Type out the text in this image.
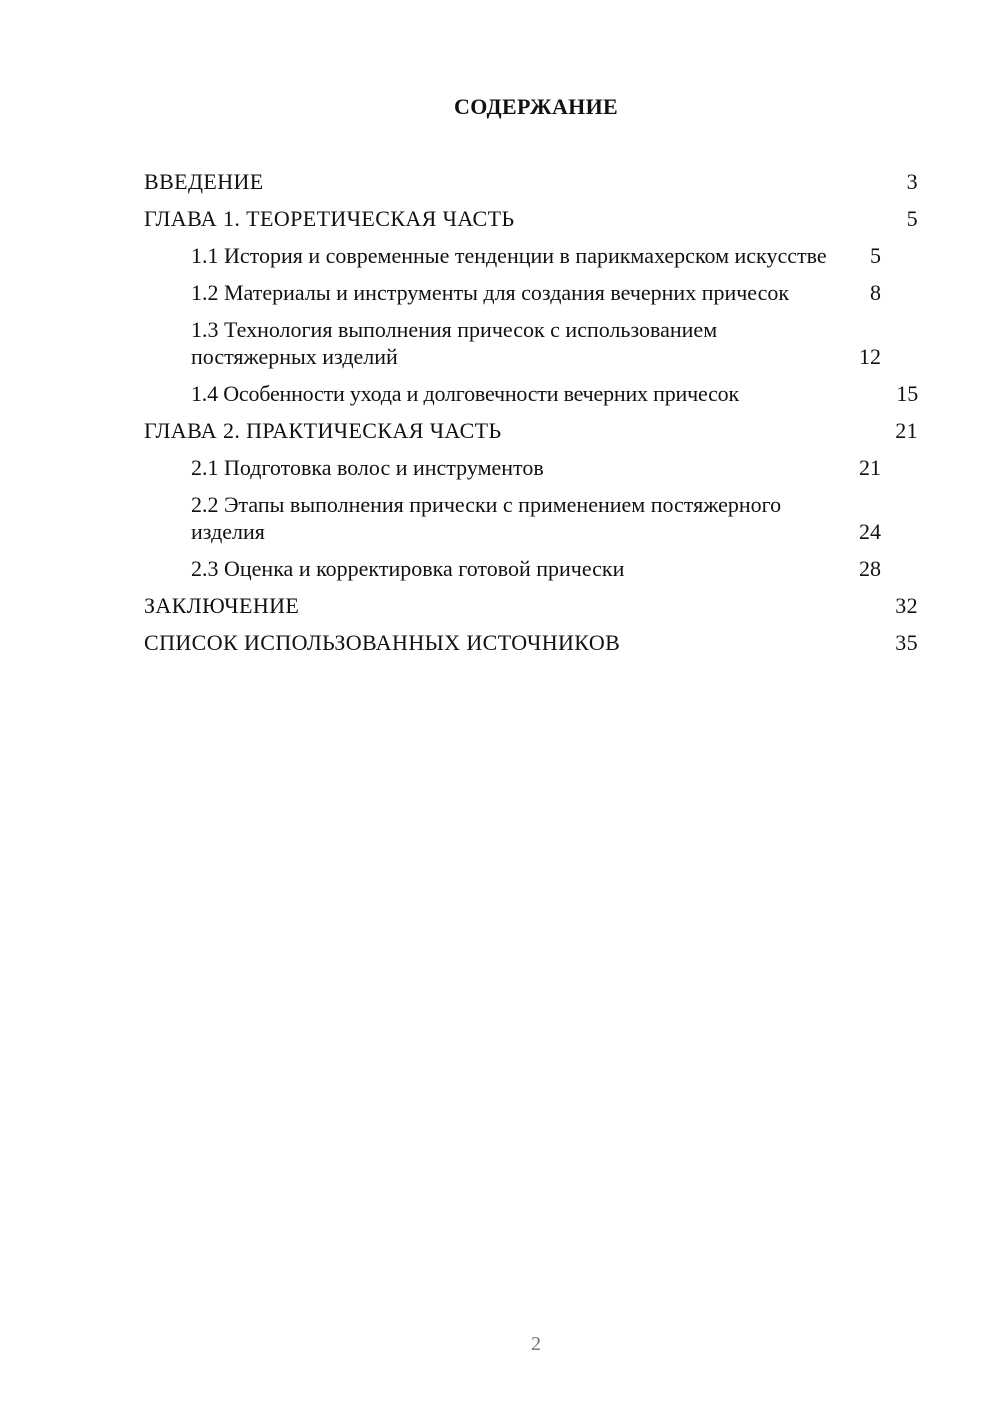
СОДЕРЖАНИЕ
ВВЕДЕНИЕ	3
ГЛАВА 1. ТЕОРЕТИЧЕСКАЯ ЧАСТЬ	5
1.1 История и современные тенденции в парикмахерском искусстве	5
1.2 Материалы и инструменты для создания вечерних причесок	8
1.3 Технология выполнения причесок с использованием постяжерных изделий	12
1.4 Особенности ухода и долговечности вечерних причесок	15
ГЛАВА 2. ПРАКТИЧЕСКАЯ ЧАСТЬ	21
2.1 Подготовка волос и инструментов	21
2.2 Этапы выполнения прически с применением постяжерного изделия	24
2.3 Оценка и корректировка готовой прически	28
ЗАКЛЮЧЕНИЕ	32
СПИСОК ИСПОЛЬЗОВАННЫХ ИСТОЧНИКОВ	35
2
